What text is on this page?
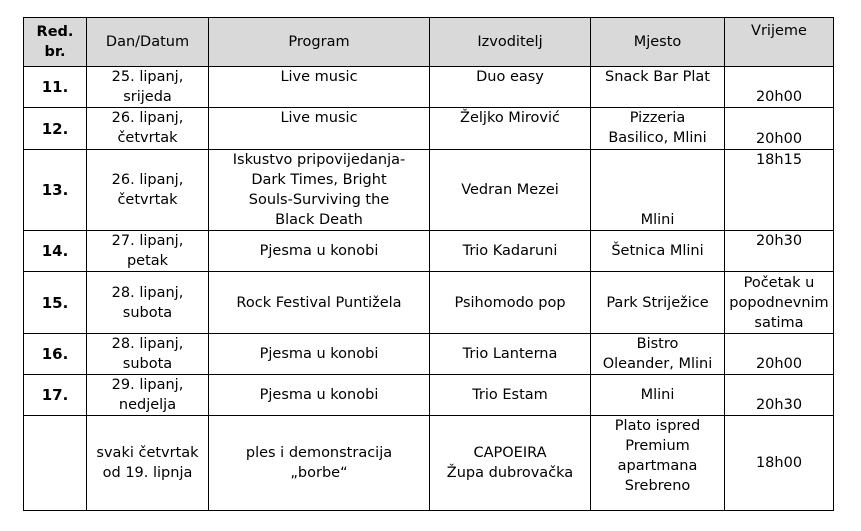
Red.
br.	Dan/Datum	Program	Izvoditelj	Mjesto	Vrijeme
11.	25. lipanj,
srijeda	Live music	Duo easy	Snack Bar Plat	20h00

12.	26. lipanj,
četvrtak	Live music	Željko Mirović	Pizzeria
Basilico, Mlini	20h00

13.	26. lipanj,
četvrtak	Iskustvo pripovijedanja-
Dark Times, Bright
Souls-Surviving the
Black Death	Vedran Mezei	Mlini	18h15

14.	27. lipanj,
petak	Pjesma u konobi	Trio Kadaruni	Šetnica Mlini	20h30

15.	28. lipanj,
subota	Rock Festival Puntižela	Psihomodo pop	Park Striježice	Početak u
popodnevnim
satima

16.	28. lipanj,
subota	Pjesma u konobi	Trio Lanterna	Bistro
Oleander, Mlini	20h00

17.	29. lipanj,
nedjelja	Pjesma u konobi	Trio Estam	Mlini	20h30

	svaki četvrtak
od 19. lipnja	ples i demonstracija
„borbe“	CAPOEIRA
Župa dubrovačka	Plato ispred
Premium
apartmana
Srebreno	18h00
